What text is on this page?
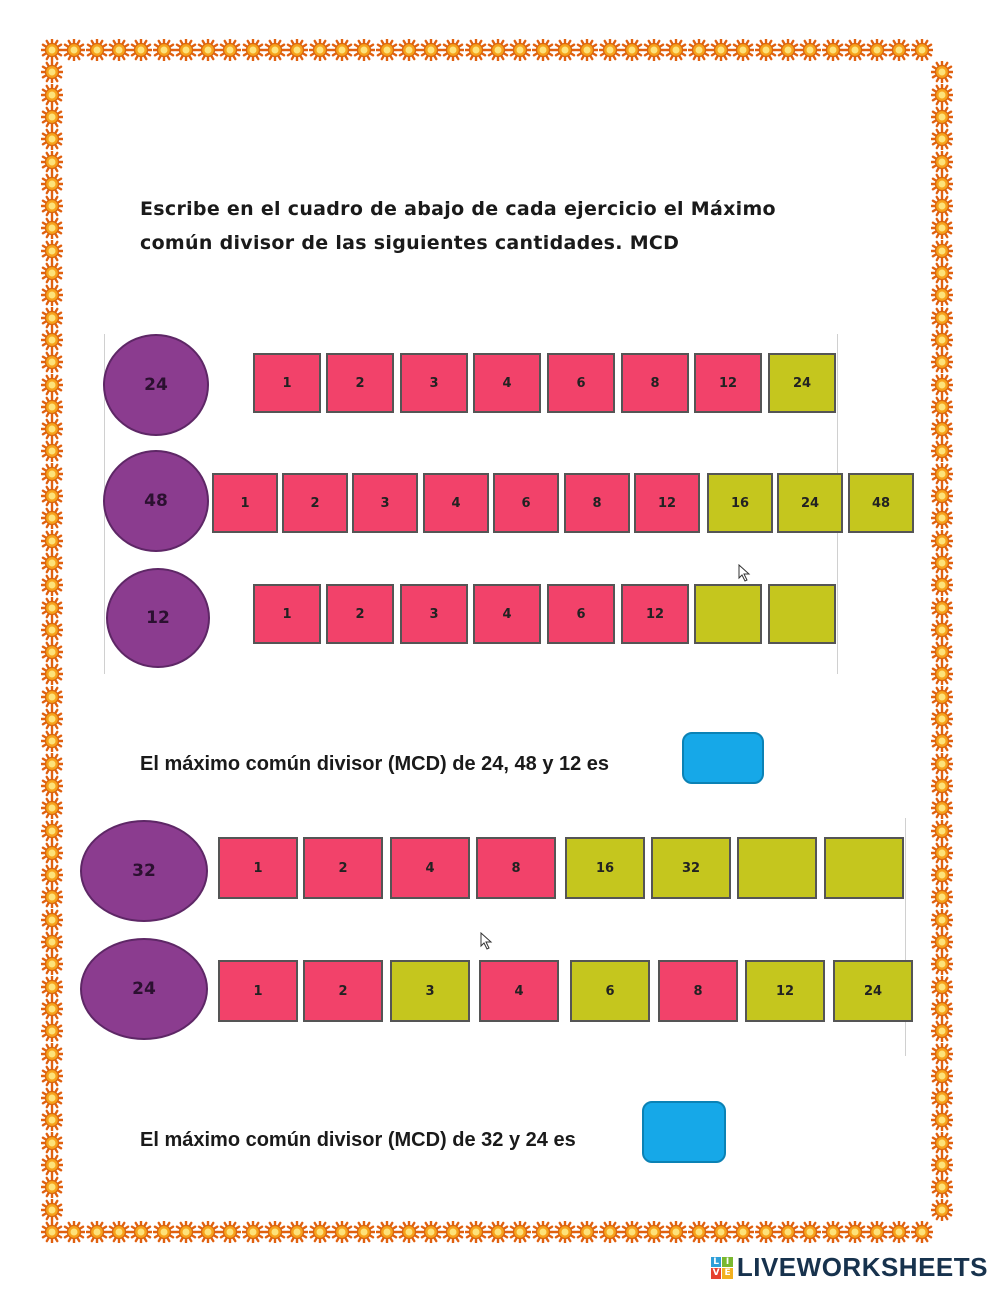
Escribe en el cuadro de abajo de cada ejercicio el Máximo
común divisor de las siguientes cantidades. MCD
24	1	2	3	4	6	8	12	24
48	1	2	3	4	6	8	12	16	24	48
12	1	2	3	4	6	12
El máximo común divisor (MCD) de 24, 48 y 12 es
32	1	2	4	8	16	32
24	1	2	3	4	6	8	12	24
El máximo común divisor (MCD) de 32 y 24 es
L I
V E LIVEWORKSHEETS
